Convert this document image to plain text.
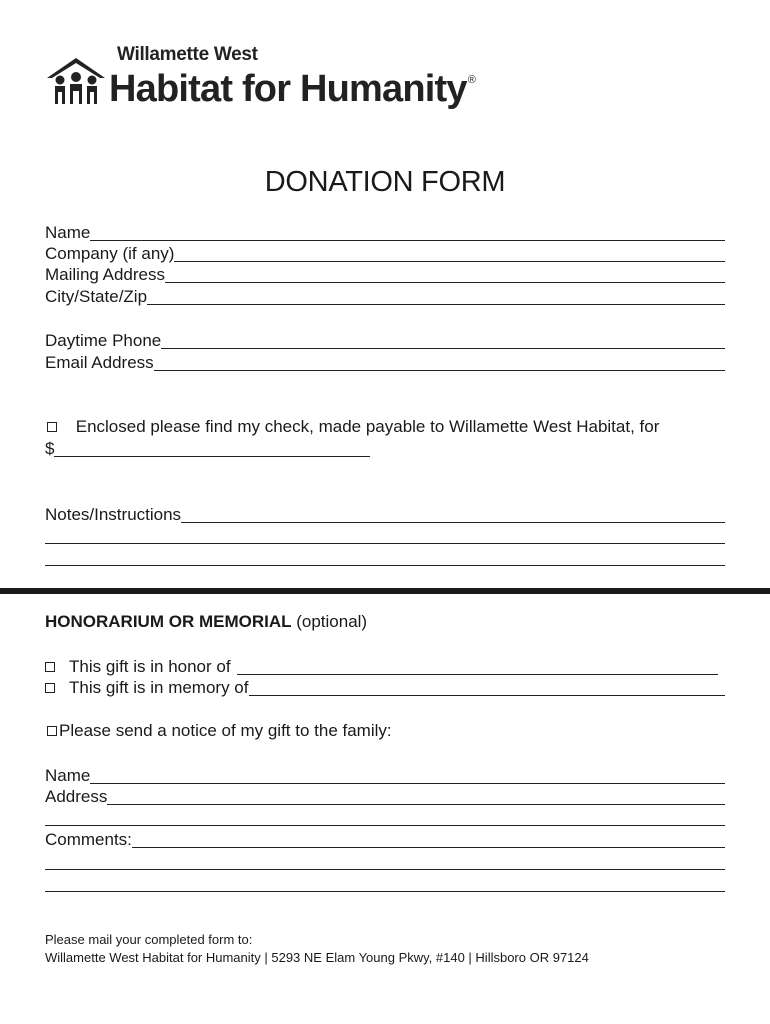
Willamette West
Habitat for Humanity®
DONATION FORM
Name
Company (if any)
Mailing Address
City/State/Zip
Daytime Phone
Email Address
Enclosed please find my check, made payable to Willamette West Habitat, for
$
Notes/Instructions
HONORARIUM OR MEMORIAL (optional)
This gift is in honor of
This gift is in memory of
Please send a notice of my gift to the family:
Name
Address
Comments:
Please mail your completed form to:
Willamette West Habitat for Humanity | 5293 NE Elam Young Pkwy, #140 | Hillsboro OR 97124
